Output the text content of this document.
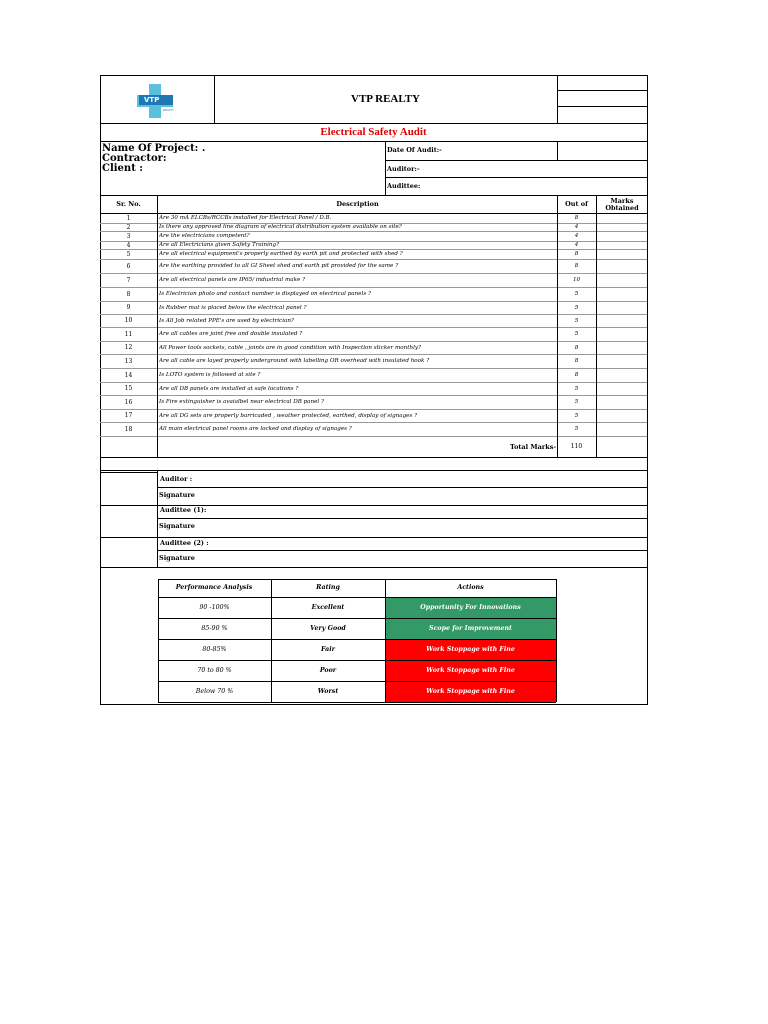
VTP
REALTY
VTP REALTY
Electrical Safety Audit
Name Of Project: .
Contractor:
Client :
Date Of Audit:-
Auditor:-
Audittee:
Sr. No.	Description	Out of	Marks Obtained
1	Are 30 mA ELCBs/RCCBs installed for Electrical Panel / D.B.	8
2	Is there any approved line diagram of electrical distribution system available on site?	4
3	Are the electricians competent?	4
4	Are all Electricians given Safety Training?	4
5	Are all electrical equipment's properly earthed by earth pit and protected with shed ?	8
6	Are the earthing provided to all GI Sheet shed and earth pit provided for the same ?	8
7	Are all electrical panels are IP65/ industrial make ?	10
8	Is Electrician photo and contact number is displayed on electrical panels ?	5
9	Is Rubber mat is placed below the electrical panel ?	5
10	Is All Job related PPE's are used by electrician?	5
11	Are all cables are joint free and double insulated ?	5
12	All Power tools sockets, cable , joints are in good condition with Inspection sticker monthly?	8
13	Are all cable are layed properly underground with labelling OR overhead with insulated hook ?	8
14	Is LOTO system is followed at site ?	8
15	Are all DB panels are installed at safe locations ?	5
16	Is Fire extinguisher is avaialbel near electrical DB panel ?	5
17	Are all DG sets are properly barricaded , weather protected, earthed, display of signages ?	5
18	All main electrical panel rooms are locked and display of signages ?	5
Total Marks-	110
Auditor :
Signature
Audittee (1):
Signature
Audittee (2) :
Signature
Performance Analysis	Rating	Actions
90 -100%	Excellent	Opportunity For Innovations
85-90 %	Very Good	Scope for Improvement
80-85%	Fair	Work Stoppage with Fine
70 to 80 %	Poor	Work Stoppage with Fine
Below 70 %	Worst	Work Stoppage with Fine
